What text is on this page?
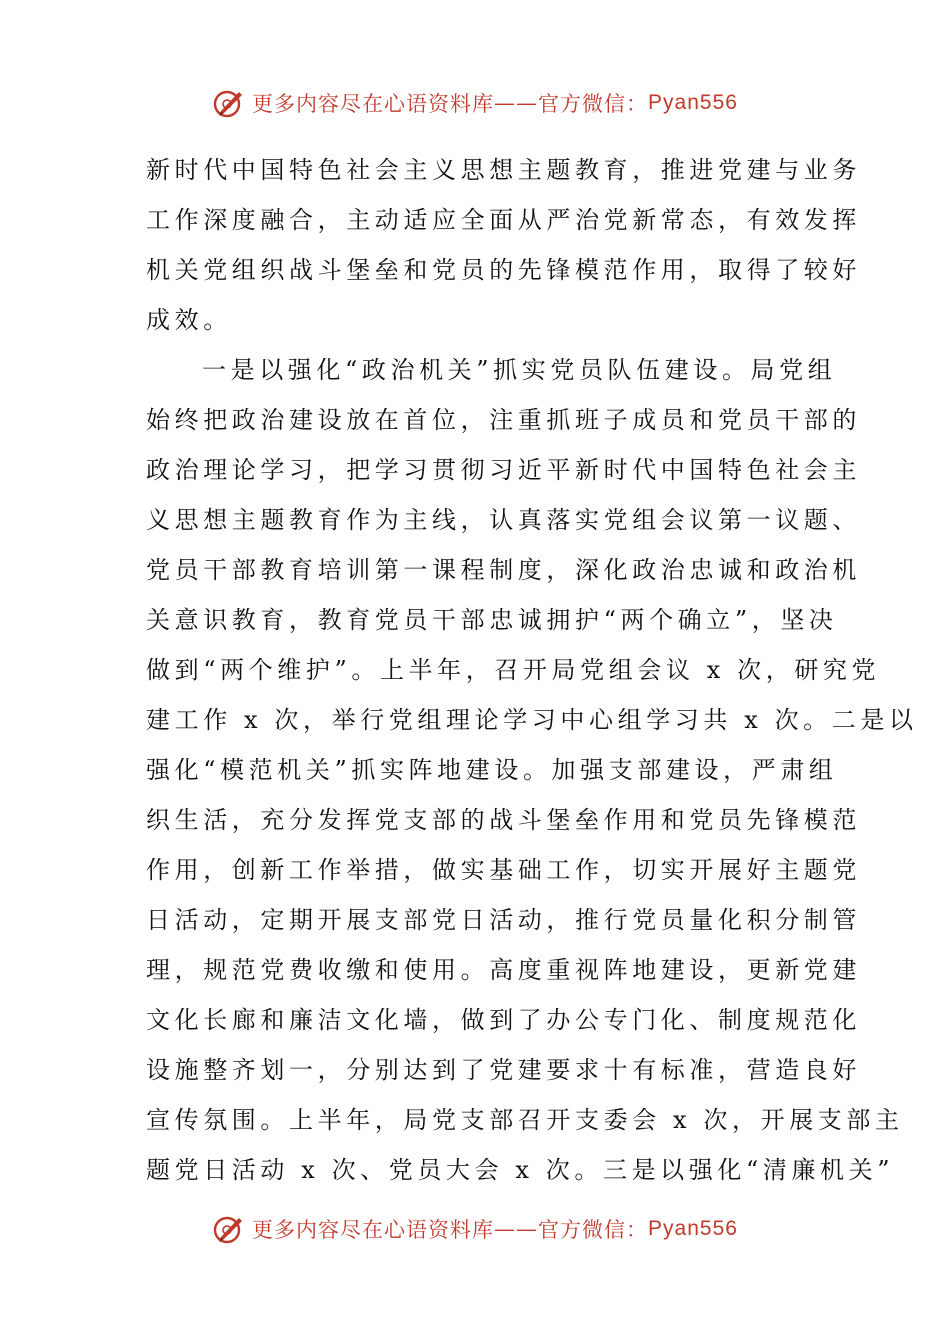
更多内容尽在心语资料库 —— 官方微信： Pyan556
新时代中国特色社会主义思想主题教育，推进党建与业务
工作深度融合，主动适应全面从严治党新常态，有效发挥
机关党组织战斗堡垒和党员的先锋模范作用，取得了较好
成效。
一是以强化“政治机关”抓实党员队伍建设。局党组
始终把政治建设放在首位，注重抓班子成员和党员干部的
政治理论学习，把学习贯彻习近平新时代中国特色社会主
义思想主题教育作为主线，认真落实党组会议第一议题、
党员干部教育培训第一课程制度，深化政治忠诚和政治机
关意识教育，教育党员干部忠诚拥护“两个确立”，坚决
做到“两个维护”。上半年，召开局党组会议 x 次，研究党
建工作 x 次，举行党组理论学习中心组学习共 x 次。二是以
强化“模范机关”抓实阵地建设。加强支部建设，严肃组
织生活，充分发挥党支部的战斗堡垒作用和党员先锋模范
作用，创新工作举措，做实基础工作，切实开展好主题党
日活动，定期开展支部党日活动，推行党员量化积分制管
理，规范党费收缴和使用。高度重视阵地建设，更新党建
文化长廊和廉洁文化墙，做到了办公专门化、制度规范化
设施整齐划一，分别达到了党建要求十有标准，营造良好
宣传氛围。上半年，局党支部召开支委会 x 次，开展支部主
题党日活动 x 次、党员大会 x 次。三是以强化“清廉机关”
更多内容尽在心语资料库 —— 官方微信： Pyan556
